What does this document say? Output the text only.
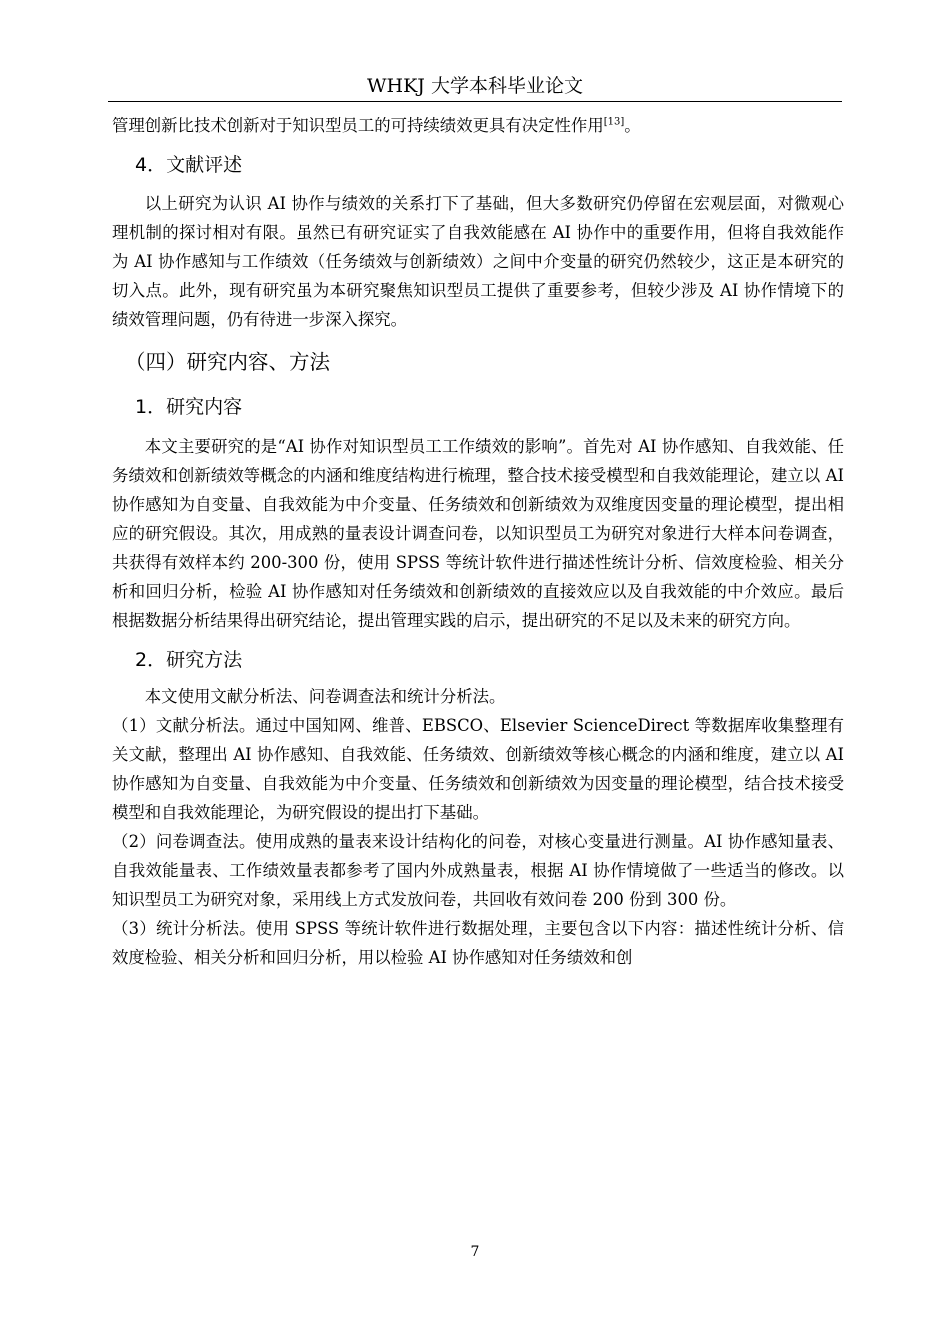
WHKJ 大学本科毕业论文

管理创新比技术创新对于知识型员工的可持续绩效更具有决定性作用[13]。

4．文献评述

以上研究为认识 AI 协作与绩效的关系打下了基础，但大多数研究仍停留在宏观层面，对微观心理机制的探讨相对有限。虽然已有研究证实了自我效能感在 AI 协作中的重要作用，但将自我效能作为 AI 协作感知与工作绩效（任务绩效与创新绩效）之间中介变量的研究仍然较少，这正是本研究的切入点。此外，现有研究虽为本研究聚焦知识型员工提供了重要参考，但较少涉及 AI 协作情境下的绩效管理问题，仍有待进一步深入探究。

（四）研究内容、方法
1．研究内容

本文主要研究的是“AI 协作对知识型员工工作绩效的影响”。首先对 AI 协作感知、自我效能、任务绩效和创新绩效等概念的内涵和维度结构进行梳理，整合技术接受模型和自我效能理论，建立以 AI 协作感知为自变量、自我效能为中介变量、任务绩效和创新绩效为双维度因变量的理论模型，提出相应的研究假设。其次，用成熟的量表设计调查问卷，以知识型员工为研究对象进行大样本问卷调查，共获得有效样本约 200-300 份，使用 SPSS 等统计软件进行描述性统计分析、信效度检验、相关分析和回归分析，检验 AI 协作感知对任务绩效和创新绩效的直接效应以及自我效能的中介效应。最后根据数据分析结果得出研究结论，提出管理实践的启示，提出研究的不足以及未来的研究方向。

2．研究方法

本文使用文献分析法、问卷调查法和统计分析法。

（1）文献分析法。通过中国知网、维普、EBSCO、Elsevier ScienceDirect 等数据库收集整理有关文献，整理出 AI 协作感知、自我效能、任务绩效、创新绩效等核心概念的内涵和维度，建立以 AI 协作感知为自变量、自我效能为中介变量、任务绩效和创新绩效为因变量的理论模型，结合技术接受模型和自我效能理论，为研究假设的提出打下基础。

（2）问卷调查法。使用成熟的量表来设计结构化的问卷，对核心变量进行测量。AI 协作感知量表、自我效能量表、工作绩效量表都参考了国内外成熟量表，根据 AI 协作情境做了一些适当的修改。以知识型员工为研究对象，采用线上方式发放问卷，共回收有效问卷 200 份到 300 份。

（3）统计分析法。使用 SPSS 等统计软件进行数据处理，主要包含以下内容：描述性统计分析、信效度检验、相关分析和回归分析，用以检验 AI 协作感知对任务绩效和创

7
